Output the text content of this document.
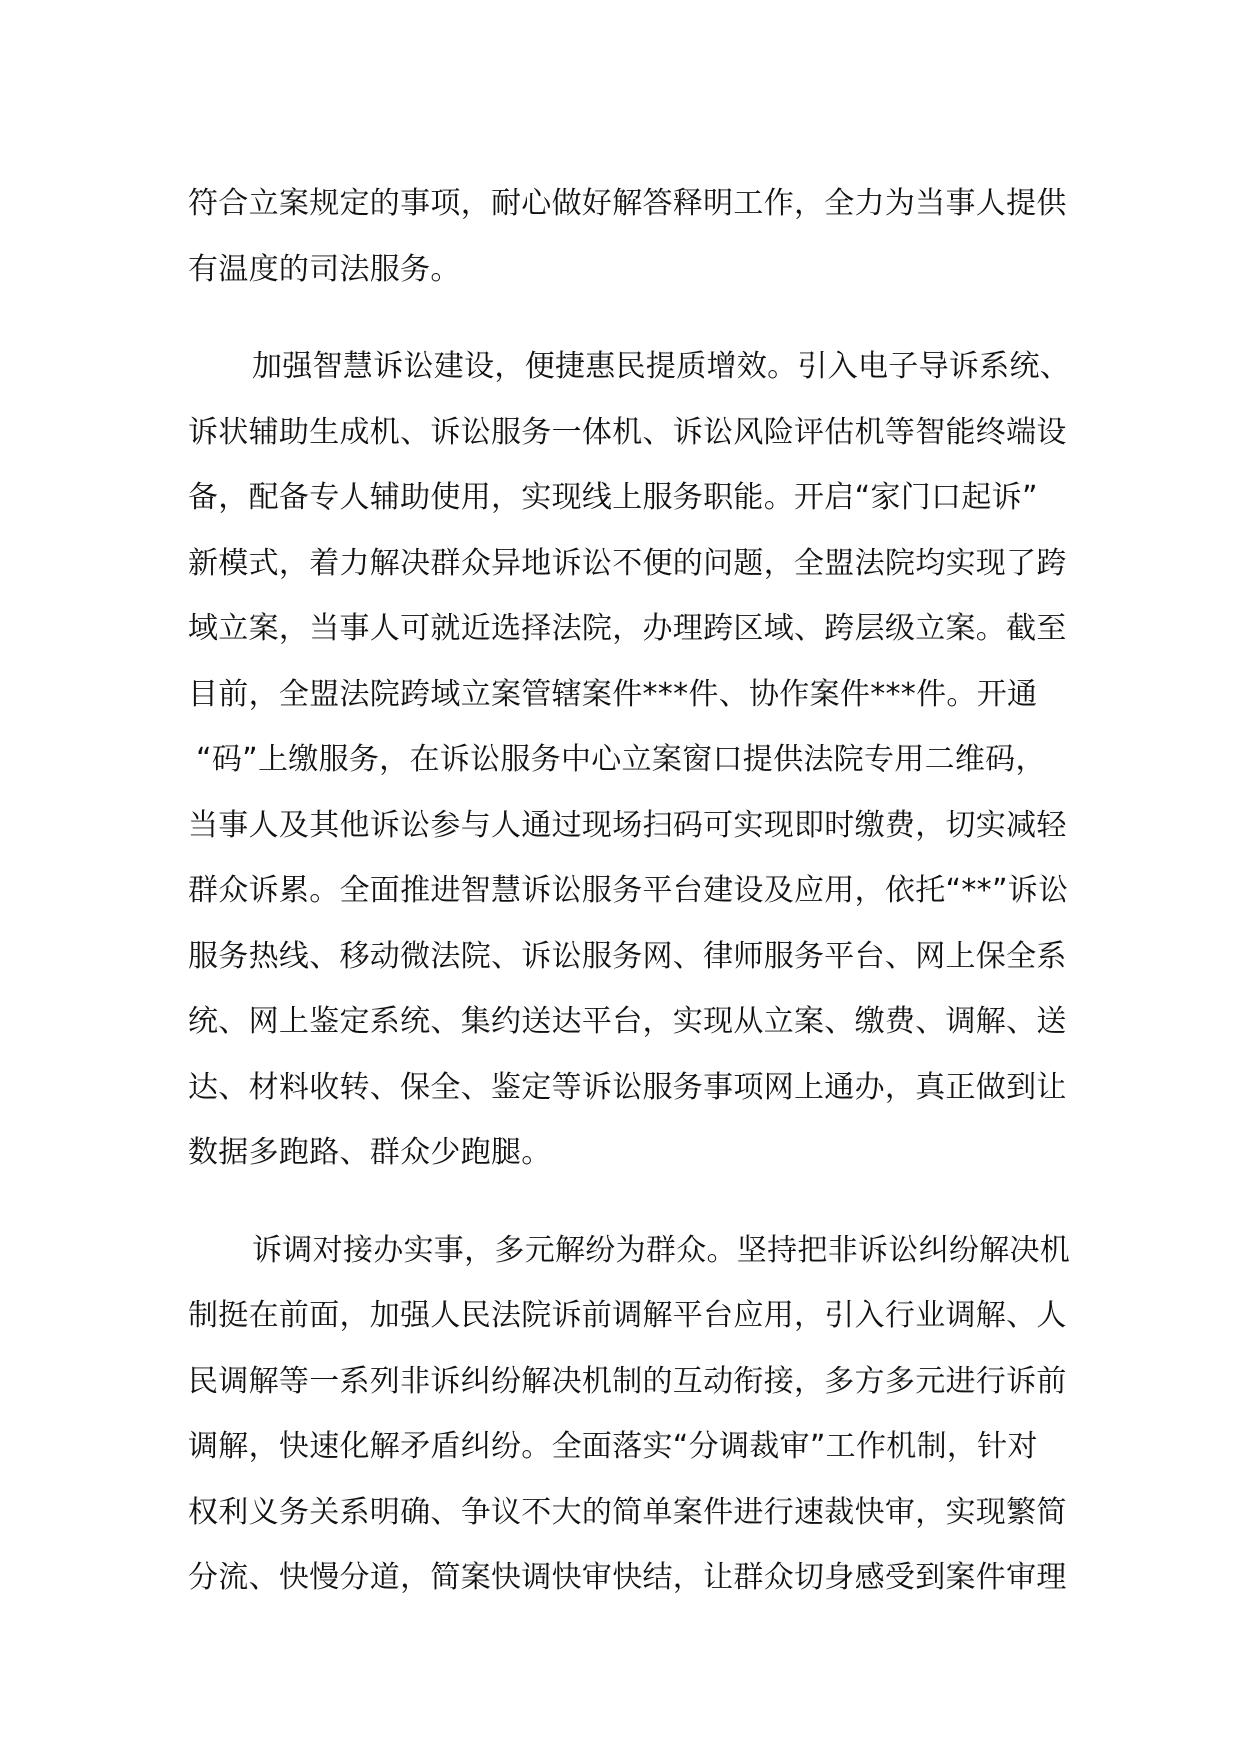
符合立案规定的事项，耐心做好解答释明工作，全力为当事人提供
有温度的司法服务。
加强智慧诉讼建设，便捷惠民提质增效。引入电子导诉系统、
诉状辅助生成机、诉讼服务一体机、诉讼风险评估机等智能终端设
备，配备专人辅助使用，实现线上服务职能。开启“家门口起诉”
新模式，着力解决群众异地诉讼不便的问题，全盟法院均实现了跨
域立案，当事人可就近选择法院，办理跨区域、跨层级立案。截至
目前，全盟法院跨域立案管辖案件***件、协作案件***件。开通
“码”上缴服务，在诉讼服务中心立案窗口提供法院专用二维码，
当事人及其他诉讼参与人通过现场扫码可实现即时缴费，切实减轻
群众诉累。全面推进智慧诉讼服务平台建设及应用，依托“**”诉讼
服务热线、移动微法院、诉讼服务网、律师服务平台、网上保全系
统、网上鉴定系统、集约送达平台，实现从立案、缴费、调解、送
达、材料收转、保全、鉴定等诉讼服务事项网上通办，真正做到让
数据多跑路、群众少跑腿。
诉调对接办实事，多元解纷为群众。坚持把非诉讼纠纷解决机
制挺在前面，加强人民法院诉前调解平台应用，引入行业调解、人
民调解等一系列非诉纠纷解决机制的互动衔接，多方多元进行诉前
调解，快速化解矛盾纠纷。全面落实“分调裁审”工作机制，针对
权利义务关系明确、争议不大的简单案件进行速裁快审，实现繁简
分流、快慢分道，简案快调快审快结，让群众切身感受到案件审理
